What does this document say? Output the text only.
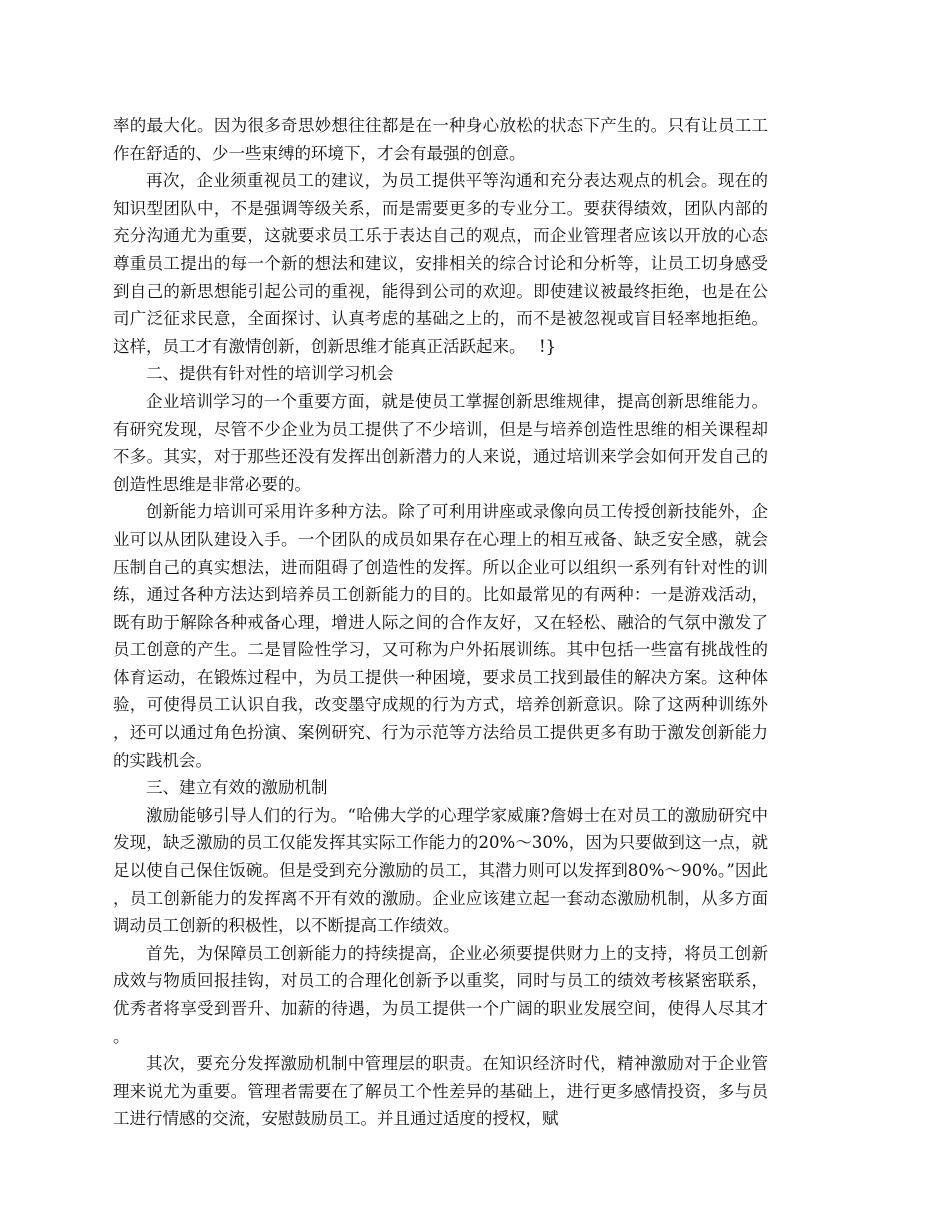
率的最大化。因为很多奇思妙想往往都是在一种身心放松的状态下产生的。只有让员工工作在舒适的、少一些束缚的环境下，才会有最强的创意。

再次，企业须重视员工的建议，为员工提供平等沟通和充分表达观点的机会。现在的知识型团队中，不是强调等级关系，而是需要更多的专业分工。要获得绩效，团队内部的充分沟通尤为重要，这就要求员工乐于表达自己的观点，而企业管理者应该以开放的心态尊重员工提出的每一个新的想法和建议，安排相关的综合讨论和分析等，让员工切身感受到自己的新思想能引起公司的重视，能得到公司的欢迎。即使建议被最终拒绝，也是在公司广泛征求民意，全面探讨、认真考虑的基础之上的，而不是被忽视或盲目轻率地拒绝。这样，员工才有激情创新，创新思维才能真正活跃起来。　 !}

二、提供有针对性的培训学习机会

企业培训学习的一个重要方面，就是使员工掌握创新思维规律，提高创新思维能力。有研究发现，尽管不少企业为员工提供了不少培训，但是与培养创造性思维的相关课程却不多。其实，对于那些还没有发挥出创新潜力的人来说，通过培训来学会如何开发自己的创造性思维是非常必要的。

创新能力培训可采用许多种方法。除了可利用讲座或录像向员工传授创新技能外，企业可以从团队建设入手。一个团队的成员如果存在心理上的相互戒备、缺乏安全感，就会压制自己的真实想法，进而阻碍了创造性的发挥。所以企业可以组织一系列有针对性的训练，通过各种方法达到培养员工创新能力的目的。比如最常见的有两种：一是游戏活动，既有助于解除各种戒备心理，增进人际之间的合作友好，又在轻松、融洽的气氛中激发了员工创意的产生。二是冒险性学习，又可称为户外拓展训练。其中包括一些富有挑战性的体育运动，在锻炼过程中，为员工提供一种困境，要求员工找到最佳的解决方案。这种体验，可使得员工认识自我，改变墨守成规的行为方式，培养创新意识。除了这两种训练外，还可以通过角色扮演、案例研究、行为示范等方法给员工提供更多有助于激发创新能力的实践机会。

三、建立有效的激励机制

激励能够引导人们的行为。“哈佛大学的心理学家威廉?詹姆士在对员工的激励研究中发现，缺乏激励的员工仅能发挥其实际工作能力的20%～30%，因为只要做到这一点，就足以使自己保住饭碗。但是受到充分激励的员工，其潜力则可以发挥到80%～90%。”因此，员工创新能力的发挥离不开有效的激励。企业应该建立起一套动态激励机制，从多方面调动员工创新的积极性，以不断提高工作绩效。

首先，为保障员工创新能力的持续提高，企业必须要提供财力上的支持，将员工创新成效与物质回报挂钩，对员工的合理化创新予以重奖，同时与员工的绩效考核紧密联系，优秀者将享受到晋升、加薪的待遇，为员工提供一个广阔的职业发展空间，使得人尽其才。

其次，要充分发挥激励机制中管理层的职责。在知识经济时代，精神激励对于企业管理来说尤为重要。管理者需要在了解员工个性差异的基础上，进行更多感情投资，多与员工进行情感的交流，安慰鼓励员工。并且通过适度的授权，赋
